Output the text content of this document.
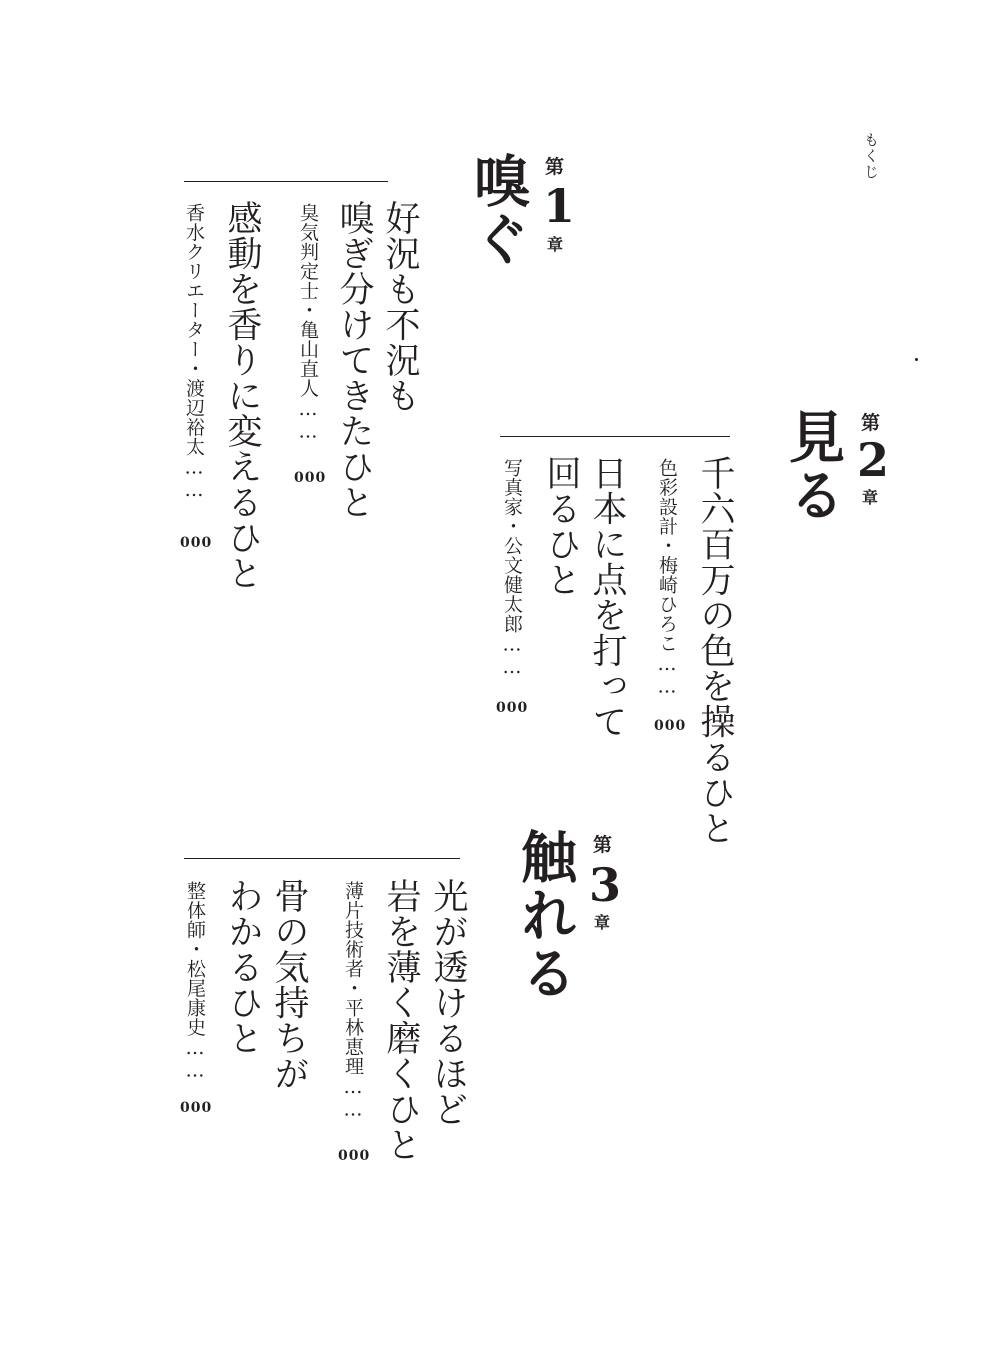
もくじ
第
1
章
嗅ぐ
好況も不況も
嗅ぎ分けてきたひと
臭気判定士・亀山直人……
000
感動を香りに変えるひと
香水クリエーター・渡辺裕太……
000
第
2
章
見る
千六百万の色を操るひと
色彩設計・梅崎ひろこ……
000
日本に点を打って
回るひと
写真家・公文健太郎……
000
第
3
章
触れる
光が透けるほど
岩を薄く磨くひと
薄片技術者・平林恵理……
000
骨の気持ちが
わかるひと
整体師・松尾康史……
000
